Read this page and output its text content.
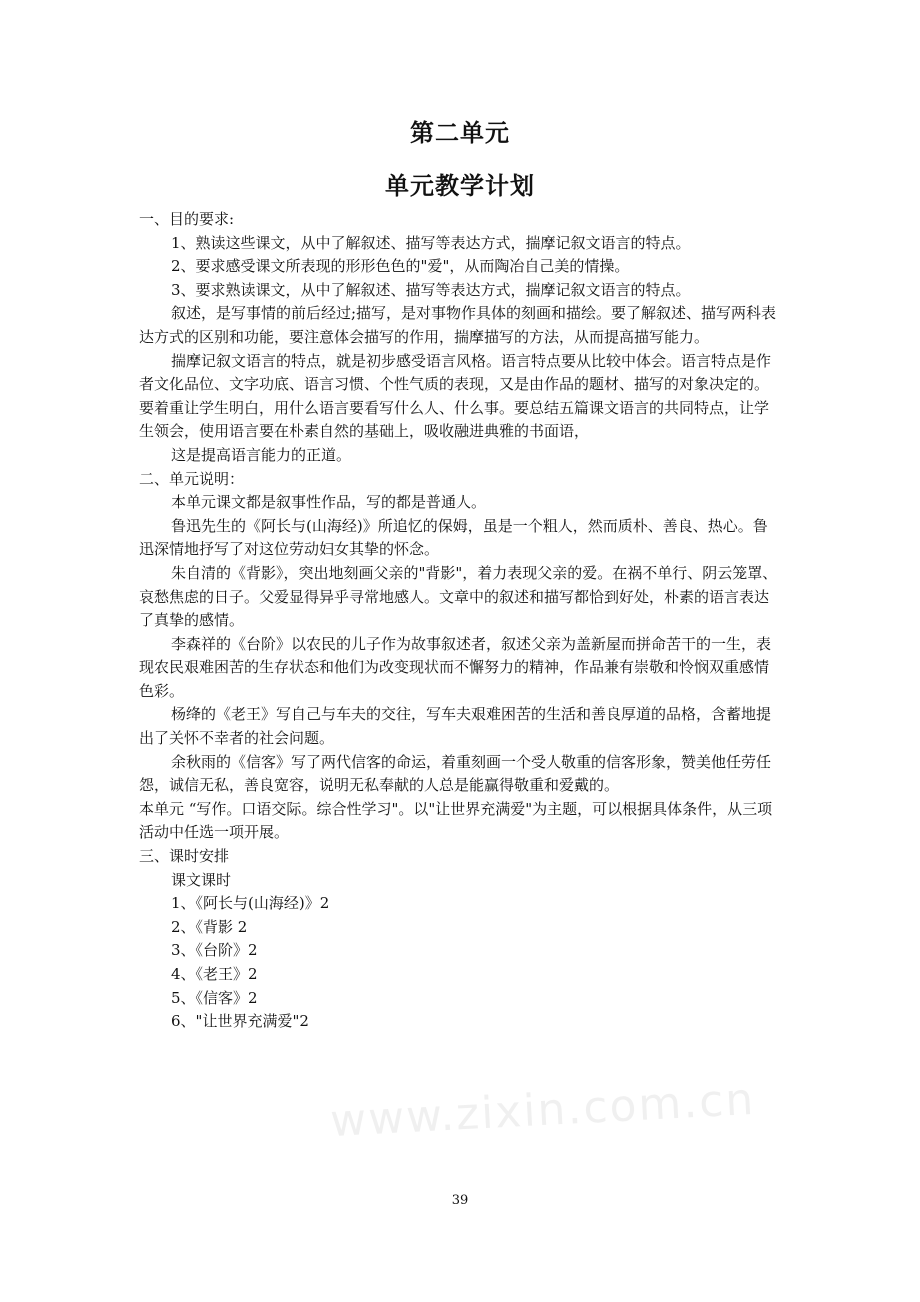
第二单元
单元教学计划

一、目的要求:

1、熟读这些课文，从中了解叙述、描写等表达方式，揣摩记叙文语言的特点。

2、要求感受课文所表现的形形色色的"爱"，从而陶冶自己美的情操。

3、要求熟读课文，从中了解叙述、描写等表达方式，揣摩记叙文语言的特点。

叙述，是写事情的前后经过;描写，是对事物作具体的刻画和描绘。要了解叙述、描写两科表达方式的区别和功能，要注意体会描写的作用，揣摩描写的方法，从而提高描写能力。

揣摩记叙文语言的特点，就是初步感受语言风格。语言特点要从比较中体会。语言特点是作者文化品位、文字功底、语言习惯、个性气质的表现，又是由作品的题材、描写的对象决定的。要着重让学生明白，用什么语言要看写什么人、什么事。要总结五篇课文语言的共同特点，让学生领会，使用语言要在朴素自然的基础上，吸收融进典雅的书面语，

这是提高语言能力的正道。

二、单元说明：

本单元课文都是叙事性作品，写的都是普通人。

鲁迅先生的《阿长与(山海经)》所追忆的保姆，虽是一个粗人，然而质朴、善良、热心。鲁迅深情地抒写了对这位劳动妇女其挚的怀念。

朱自清的《背影》，突出地刻画父亲的"背影"，着力表现父亲的爱。在祸不单行、阴云笼罩、哀愁焦虑的日子。父爱显得异乎寻常地感人。文章中的叙述和描写都恰到好处，朴素的语言表达了真挚的感情。

李森祥的《台阶》以农民的儿子作为故事叙述者，叙述父亲为盖新屋而拼命苦干的一生，表现农民艰难困苦的生存状态和他们为改变现状而不懈努力的精神，作品兼有崇敬和怜悯双重感情色彩。

杨绛的《老王》写自己与车夫的交往，写车夫艰难困苦的生活和善良厚道的品格，含蓄地提出了关怀不幸者的社会问题。

余秋雨的《信客》写了两代信客的命运，着重刻画一个受人敬重的信客形象，赞美他任劳任怨，诚信无私，善良宽容，说明无私奉献的人总是能赢得敬重和爱戴的。

本单元 “写作。口语交际。综合性学习"。以"让世界充满爱"为主题，可以根据具体条件，从三项活动中任选一项开展。

三、课时安排

课文课时

1、《阿长与(山海经)》2

2、《背影 2

3、《台阶》2

4、《老王》2

5、《信客》2

6、"让世界充满爱"2

www.zixin.com.cn
39
